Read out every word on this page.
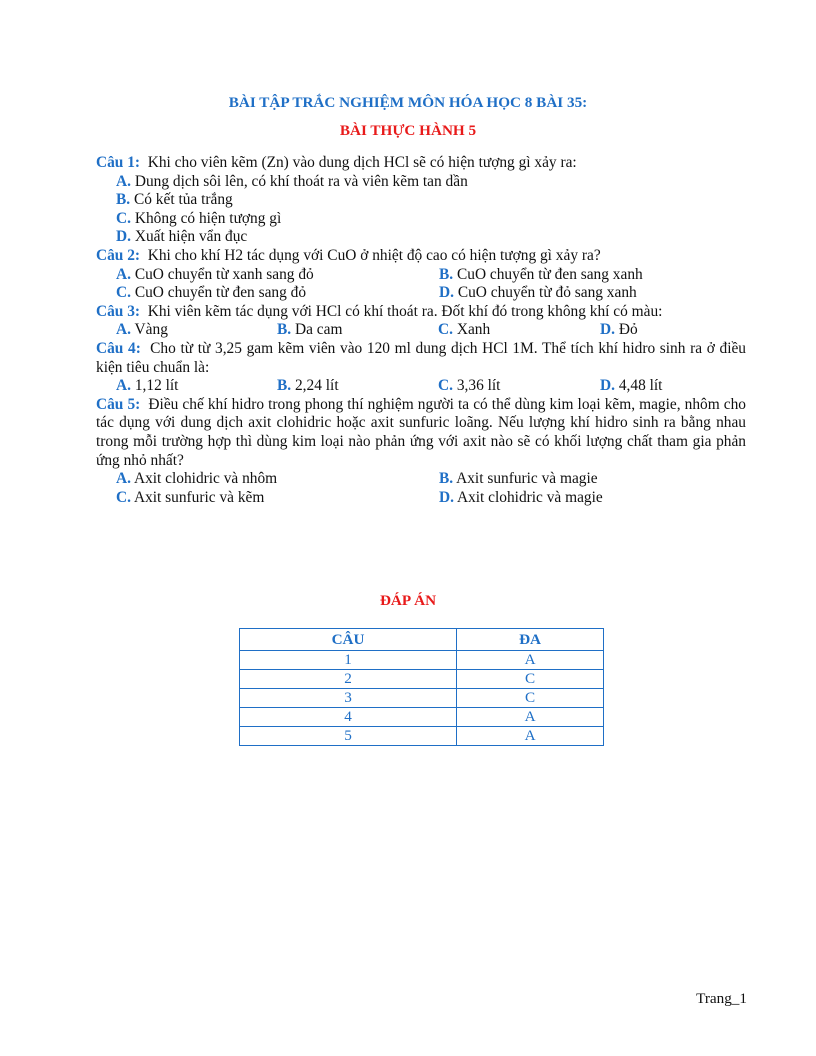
BÀI TẬP TRẮC NGHIỆM MÔN HÓA HỌC 8 BÀI 35:
BÀI THỰC HÀNH 5

Câu 1: Khi cho viên kẽm (Zn) vào dung dịch HCl sẽ có hiện tượng gì xảy ra:

A. Dung dịch sôi lên, có khí thoát ra và viên kẽm tan dần
B. Có kết tủa trắng
C. Không có hiện tượng gì
D. Xuất hiện vẩn đục

Câu 2: Khi cho khí H2 tác dụng với CuO ở nhiệt độ cao có hiện tượng gì xảy ra?

A. CuO chuyển từ xanh sang đỏ	B. CuO chuyển từ đen sang xanh
C. CuO chuyển từ đen sang đỏ	D. CuO chuyển từ đỏ sang xanh

Câu 3: Khi viên kẽm tác dụng với HCl có khí thoát ra. Đốt khí đó trong không khí có màu:

A. Vàng	B. Da cam	C. Xanh	D. Đỏ

Câu 4: Cho từ từ 3,25 gam kẽm viên vào 120 ml dung dịch HCl 1M. Thể tích khí hidro sinh ra ở điều kiện tiêu chuẩn là:

A. 1,12 lít	B. 2,24 lít	C. 3,36 lít	D. 4,48 lít

Câu 5: Điều chế khí hidro trong phong thí nghiệm người ta có thể dùng kim loại kẽm, magie, nhôm cho tác dụng với dung dịch axit clohidric hoặc axit sunfuric loãng. Nếu lượng khí hidro sinh ra bằng nhau trong mỗi trường hợp thì dùng kim loại nào phản ứng với axit nào sẽ có khối lượng chất tham gia phản ứng nhỏ nhất?

A. Axit clohidric và nhôm	B. Axit sunfuric và magie
C. Axit sunfuric và kẽm	D. Axit clohidric và magie
ĐÁP ÁN
CÂU	ĐA
1	A
2	C
3	C
4	A
5	A
Trang_1
